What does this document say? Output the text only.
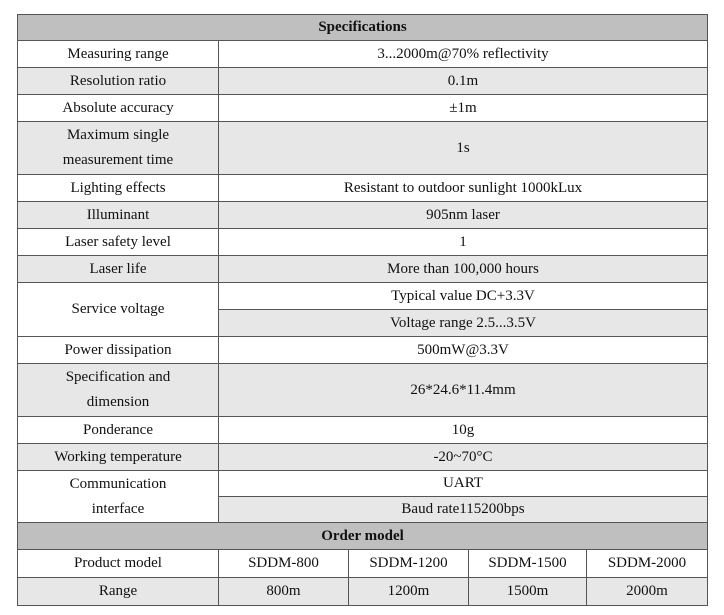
Specifications				
Measuring range	3...2000m@70% reflectivity			
Resolution ratio	0.1m			
Absolute accuracy	±1m			

Maximum single
measurement time	1s			
Lighting effects	Resistant to outdoor sunlight 1000kLux			
Illuminant	905nm laser			
Laser safety level	1			
Laser life	More than 100,000 hours			
Service voltage	Typical value DC+3.3V			
	Voltage range 2.5...3.5V			
Power dissipation	500mW@3.3V			

Specification and
dimension	26*24.6*11.4mm			
Ponderance	10g			
Working temperature	-20~70°C			

Communication
interface	UART			
	Baud rate115200bps			
Order model				
Product model	SDDM-800	SDDM-1200	SDDM-1500	SDDM-2000
Range	800m	1200m	1500m	2000m
